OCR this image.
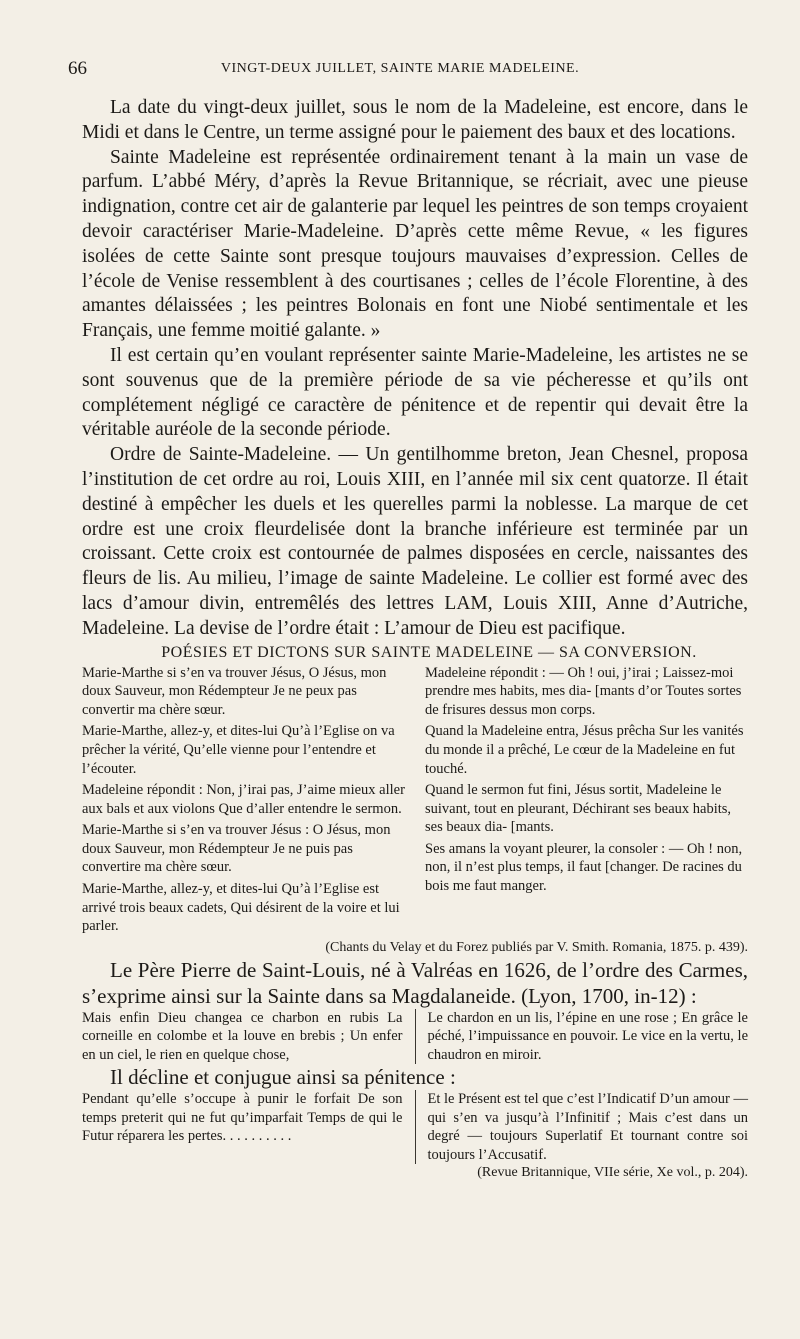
66	VINGT-DEUX JUILLET, SAINTE MARIE MADELEINE.

La date du vingt-deux juillet, sous le nom de la Madeleine, est encore, dans le Midi et dans le Centre, un terme assigné pour le paiement des baux et des locations.

Sainte Madeleine est représentée ordinairement tenant à la main un vase de parfum. L’abbé Méry, d’après la Revue Britannique, se récriait, avec une pieuse indignation, contre cet air de galanterie par lequel les peintres de son temps croyaient devoir caractériser Marie-Madeleine. D’après cette même Revue, « les figures isolées de cette Sainte sont presque toujours mauvaises d’expression. Celles de l’école de Venise ressemblent à des courtisanes ; celles de l’école Florentine, à des amantes délaissées ; les peintres Bolonais en font une Niobé sentimentale et les Français, une femme moitié galante. »

Il est certain qu’en voulant représenter sainte Marie-Madeleine, les artistes ne se sont souvenus que de la première période de sa vie pécheresse et qu’ils ont complétement négligé ce caractère de pénitence et de repentir qui devait être la véritable auréole de la seconde période.

Ordre de Sainte-Madeleine. — Un gentilhomme breton, Jean Chesnel, proposa l’institution de cet ordre au roi, Louis XIII, en l’année mil six cent quatorze. Il était destiné à empêcher les duels et les querelles parmi la noblesse. La marque de cet ordre est une croix fleurdelisée dont la branche inférieure est terminée par un croissant. Cette croix est contournée de palmes disposées en cercle, naissantes des fleurs de lis. Au milieu, l’image de sainte Madeleine. Le collier est formé avec des lacs d’amour divin, entremêlés des lettres LAM, Louis XIII, Anne d’Autriche, Madeleine. La devise de l’ordre était : L’amour de Dieu est pacifique.

POÉSIES ET DICTONS SUR SAINTE MADELEINE — SA CONVERSION.

Marie-Marthe si s’en va trouver Jésus, O Jésus, mon doux Sauveur, mon Rédempteur Je ne peux pas convertir ma chère sœur.

Marie-Marthe, allez-y, et dites-lui Qu’à l’Eglise on va prêcher la vérité, Qu’elle vienne pour l’entendre et l’écouter.

Madeleine répondit : Non, j’irai pas, J’aime mieux aller aux bals et aux violons Que d’aller entendre le sermon.

Marie-Marthe si s’en va trouver Jésus : O Jésus, mon doux Sauveur, mon Rédempteur Je ne puis pas convertire ma chère sœur.

Marie-Marthe, allez-y, et dites-lui Qu’à l’Eglise est arrivé trois beaux cadets, Qui désirent de la voire et lui parler.

Madeleine répondit : — Oh ! oui, j’irai ; Laissez-moi prendre mes habits, mes dia- [mants d’or Toutes sortes de frisures dessus mon corps.

Quand la Madeleine entra, Jésus prêcha Sur les vanités du monde il a prêché, Le cœur de la Madeleine en fut touché.

Quand le sermon fut fini, Jésus sortit, Madeleine le suivant, tout en pleurant, Déchirant ses beaux habits, ses beaux dia- [mants.

Ses amans la voyant pleurer, la consoler : — Oh ! non, non, il n’est plus temps, il faut [changer. De racines du bois me faut manger.

(Chants du Velay et du Forez publiés par V. Smith. Romania, 1875. p. 439).

Le Père Pierre de Saint-Louis, né à Valréas en 1626, de l’ordre des Carmes, s’exprime ainsi sur la Sainte dans sa Magdalaneide. (Lyon, 1700, in-12) :

Mais enfin Dieu changea ce charbon en rubis La corneille en colombe et la louve en brebis ; Un enfer en un ciel, le rien en quelque chose,
Le chardon en un lis, l’épine en une rose ; En grâce le péché, l’impuissance en pouvoir. Le vice en la vertu, le chaudron en miroir.

Il décline et conjugue ainsi sa pénitence :

Pendant qu’elle s’occupe à punir le forfait De son temps preterit qui ne fut qu’imparfait Temps de qui le Futur réparera les pertes. . . . . . . . . .
Et le Présent est tel que c’est l’Indicatif D’un amour — qui s’en va jusqu’à l’Infinitif ; Mais c’est dans un degré — toujours Superlatif Et tournant contre soi toujours l’Accusatif.
(Revue Britannique, VIIe série, Xe vol., p. 204).
